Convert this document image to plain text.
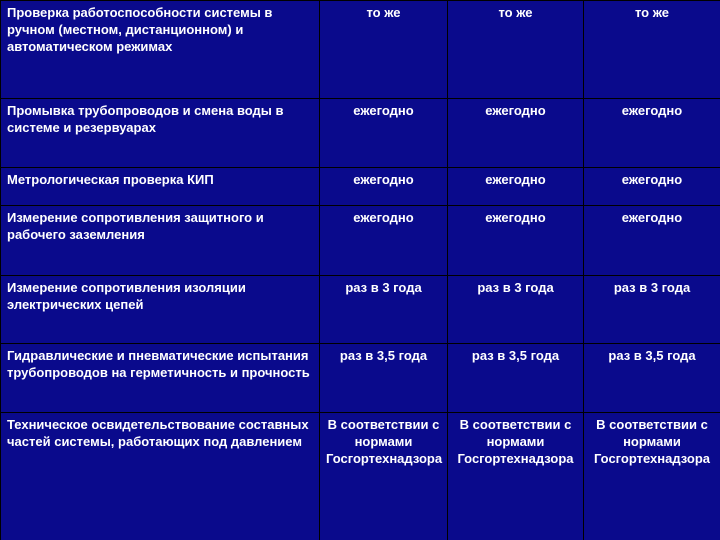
Проверка работоспособности системы в ручном (местном, дистанционном) и автоматическом режимах	то же	то же	то же
Промывка трубопроводов и смена воды в системе и резервуарах	ежегодно	ежегодно	ежегодно
Метрологическая проверка КИП	ежегодно	ежегодно	ежегодно
Измерение сопротивления защитного и рабочего заземления	ежегодно	ежегодно	ежегодно
Измерение сопротивления изоляции электрических цепей	раз в 3 года	раз в 3 года	раз в 3 года
Гидравлические и пневматические испытания трубопроводов на герметичность и прочность	раз в 3,5 года	раз в 3,5 года	раз в 3,5 года
Техническое освидетельствование составных частей системы, работающих под давлением	В соответствии с нормами Госгортехнадзора	В соответствии с нормами Госгортехнадзора	В соответствии с нормами Госгортехнадзора
